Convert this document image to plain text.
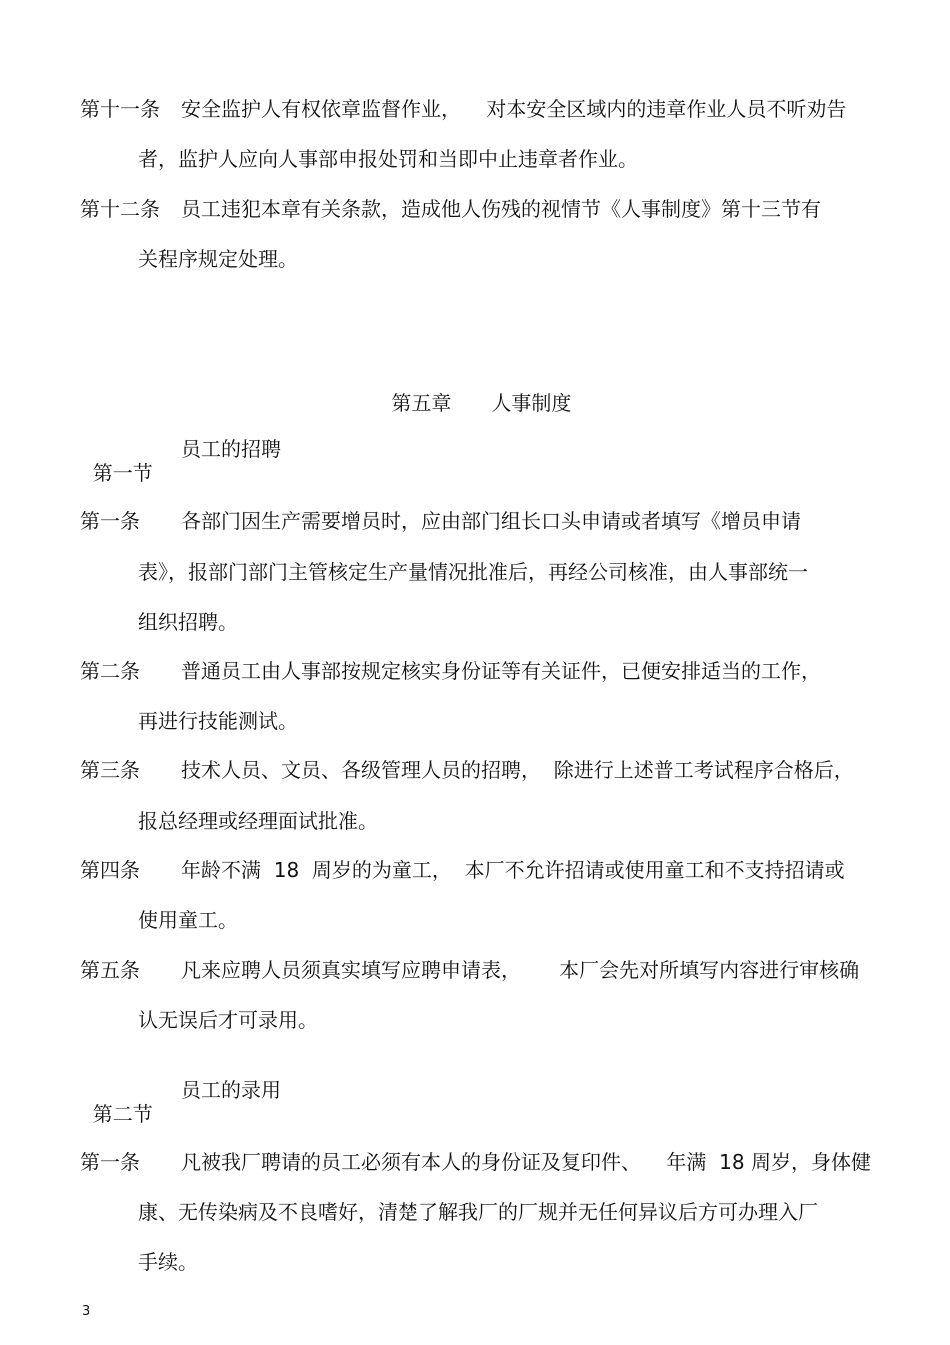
第十一条 安全监护人有权依章监督作业，    对本安全区域内的违章作业人员不听劝告
者，监护人应向人事部申报处罚和当即中止违章者作业。
第十二条 员工违犯本章有关条款，造成他人伤残的视情节《人事制度》第十三节有
关程序规定处理。

第五章 人事制度

第一节

员工的招聘

第一条 各部门因生产需要增员时，应由部门组长口头申请或者填写《增员申请
表》，报部门部门主管核定生产量情况批准后，再经公司核准，由人事部统一
组织招聘。
第二条 普通员工由人事部按规定核实身份证等有关证件，已便安排适当的工作，
再进行技能测试。
第三条 技术人员、文员、各级管理人员的招聘，  除进行上述普工考试程序合格后，
报总经理或经理面试批准。
第四条 年龄不满  18  周岁的为童工，  本厂不允许招请或使用童工和不支持招请或
使用童工。
第五条 凡来应聘人员须真实填写应聘申请表，      本厂会先对所填写内容进行审核确
认无误后才可录用。

第二节

员工的录用

第一条 凡被我厂聘请的员工必须有本人的身份证及复印件、    年满  18 周岁，身体健
康、无传染病及不良嗜好，清楚了解我厂的厂规并无任何异议后方可办理入厂
手续。
3
